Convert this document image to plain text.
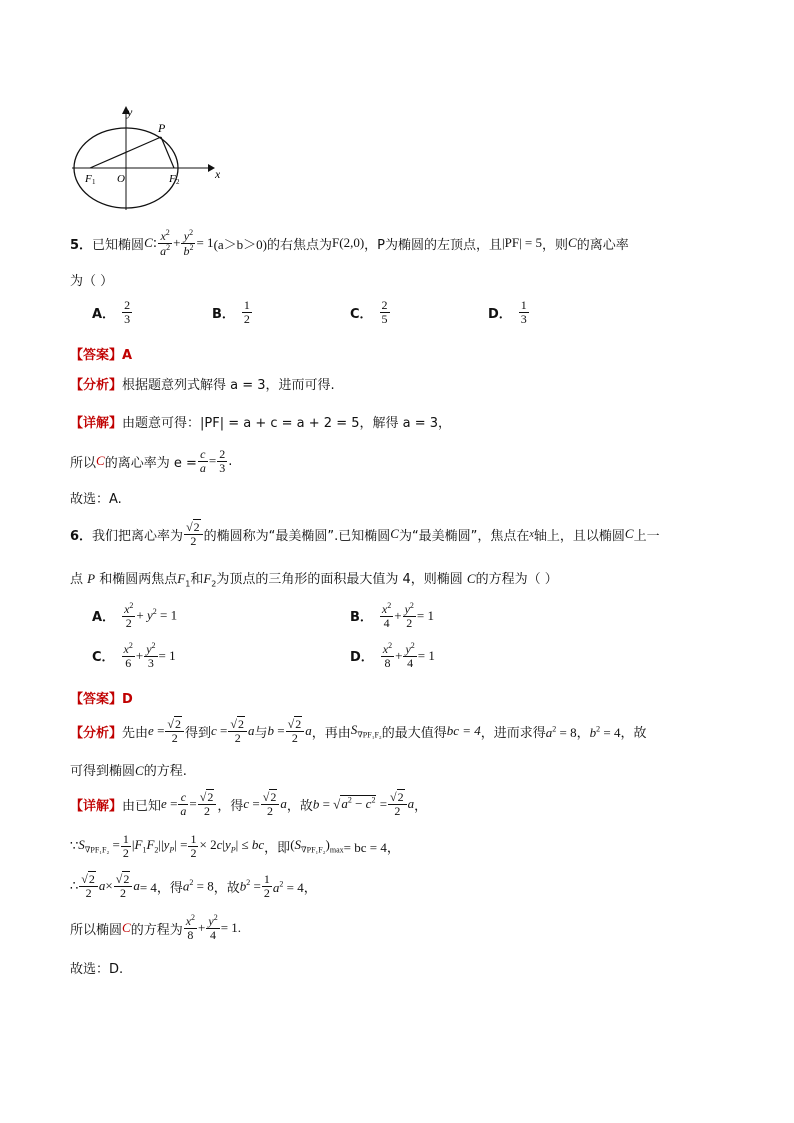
y
x
P
F 1 O	F 2
5． 已知椭圆 C : $\frac{x^2}{a^2} + \frac{y^2}{b^2} = 1$ (a＞b＞0) 的右焦点为 F(2,0) ，P为椭圆的左顶点，且 |PF| = 5 ，则 C 的离心率
为（ ）
A． $\frac{2}{3}$	B． $\frac{1}{2}$	C． $\frac{2}{5}$	D． $\frac{1}{3}$
【答案】A
【分析】根据题意列式解得 a = 3，进而可得.
【详解】由题意可得：|PF| = a + c = a + 2 = 5，解得 a = 3，
所以 C 的离心率为 $e = \frac{c}{a} = \frac{2}{3}$ .
故选：A.
6． 我们把离心率为 $\frac{√2}{2}$ 的椭圆称为“最美椭圆”.已知椭圆 C 为“最美椭圆”，焦点在 x 轴上，且以椭圆 C 上一
点 P 和椭圆两焦点$F_1$和$F_2$为顶点的三角形的面积最大值为 4，则椭圆 C的方程为（ ）
A． $\frac{x^2}{2} + y^2 = 1$	B． $\frac{x^2}{4} + \frac{y^2}{2} = 1$
C． $\frac{x^2}{6} + \frac{y^2}{3} = 1$	D． $\frac{x^2}{8} + \frac{y^2}{4} = 1$
【答案】D
【分析】 先由 $e = \frac{√2}{2}$ 得到 $c = \frac{√2}{2}$ a 与 $b = \frac{√2}{2}$ a ，再由 $S_{\nabla PF_1F_2}$ 的最大值得 bc = 4 ，进而求得 $a^2 = 8$，$b^2 = 4$ ，故
可得到椭圆C的方程.
【详解】 由已知 $e = \frac{c}{a} = \frac{√2}{2}$ ，得 $c = \frac{√2}{2}$ a ，故 $b = √a^2 - c^2 = \frac{√2}{2}$ a ，
∵ $S_{\nabla PF_1F_2} = \frac{1}{2} |F_1F_2||y_P| = \frac{1}{2} \times 2c|y_P|$ ≤ bc ，即 $(S_{\nabla PF_1F_2})_{max}$ = bc = 4，
∴ $\frac{√2}{2}$ $a \times \frac{√2}{2}$ a = 4，得 $a^2 = 8$ ，故 $b^2 = \frac{1}{2} a^2 = 4$，
所以椭圆 C 的方程为 $\frac{x^2}{8} + \frac{y^2}{4} = 1$.
故选：D.
